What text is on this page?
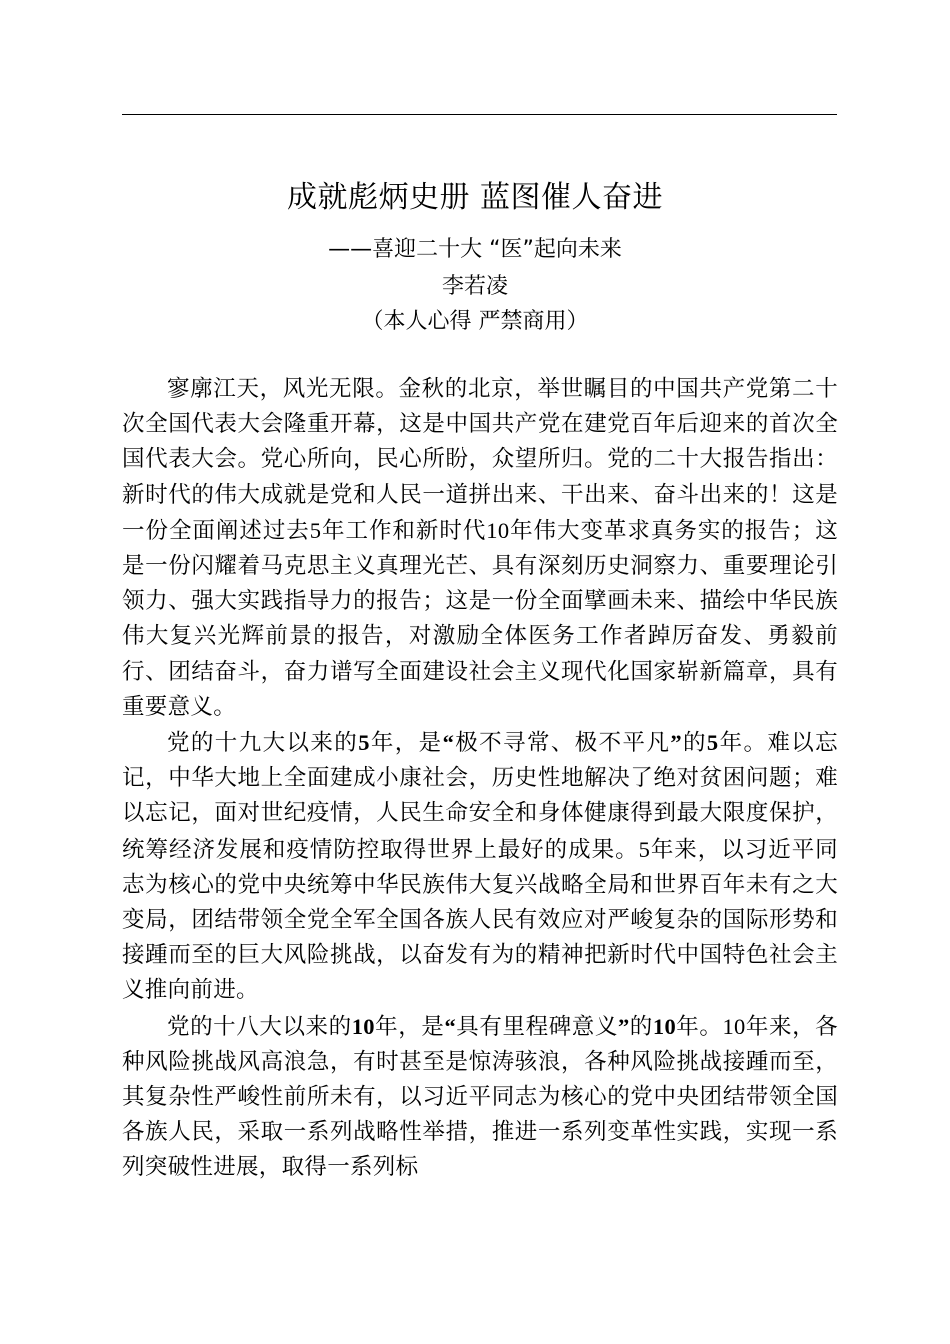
成就彪炳史册 蓝图催人奋进
——喜迎二十大 “医”起向未来
李若凌
（本人心得 严禁商用）

寥廓江天，风光无限。金秋的北京，举世瞩目的中国共产党第二十次全国代表大会隆重开幕，这是中国共产党在建党百年后迎来的首次全国代表大会。党心所向，民心所盼，众望所归。党的二十大报告指出：新时代的伟大成就是党和人民一道拼出来、干出来、奋斗出来的！这是一份全面阐述过去5年工作和新时代10年伟大变革求真务实的报告；这是一份闪耀着马克思主义真理光芒、具有深刻历史洞察力、重要理论引领力、强大实践指导力的报告；这是一份全面擘画未来、描绘中华民族伟大复兴光辉前景的报告，对激励全体医务工作者踔厉奋发、勇毅前行、团结奋斗，奋力谱写全面建设社会主义现代化国家崭新篇章，具有重要意义。

党的十九大以来的5年，是“极不寻常、极不平凡”的5年。难以忘记，中华大地上全面建成小康社会，历史性地解决了绝对贫困问题；难以忘记，面对世纪疫情，人民生命安全和身体健康得到最大限度保护，统筹经济发展和疫情防控取得世界上最好的成果。5年来，以习近平同志为核心的党中央统筹中华民族伟大复兴战略全局和世界百年未有之大变局，团结带领全党全军全国各族人民有效应对严峻复杂的国际形势和接踵而至的巨大风险挑战，以奋发有为的精神把新时代中国特色社会主义推向前进。

党的十八大以来的10年，是“具有里程碑意义”的10年。10年来，各种风险挑战风高浪急，有时甚至是惊涛骇浪，各种风险挑战接踵而至，其复杂性严峻性前所未有，以习近平同志为核心的党中央团结带领全国各族人民，采取一系列战略性举措，推进一系列变革性实践，实现一系列突破性进展，取得一系列标
